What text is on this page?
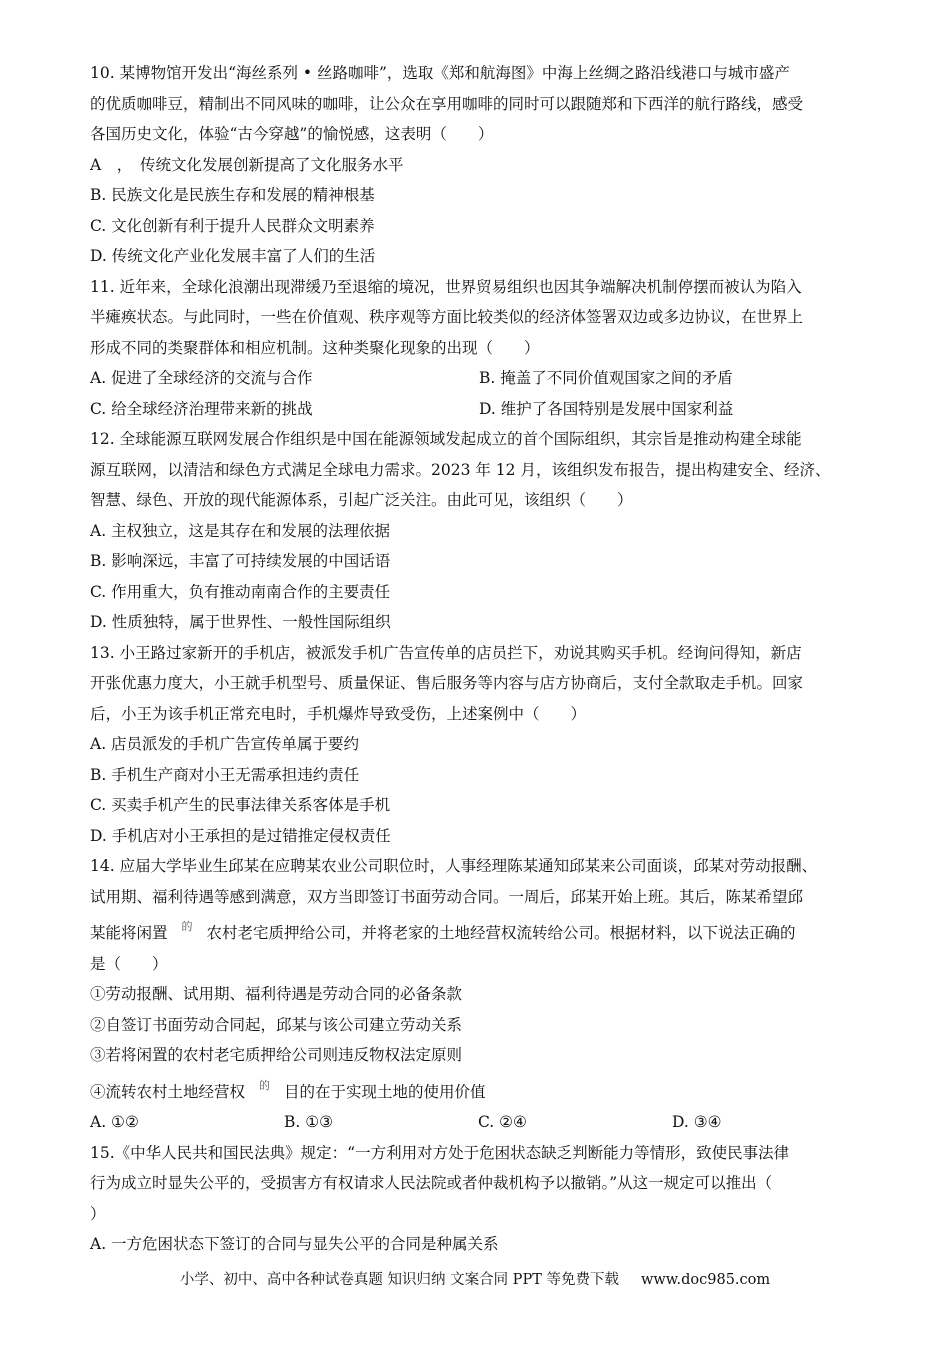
10. 某博物馆开发出“海丝系列 • 丝路咖啡”，选取《郑和航海图》中海上丝绸之路沿线港口与城市盛产
的优质咖啡豆，精制出不同风味的咖啡，让公众在享用咖啡的同时可以跟随郑和下西洋的航行路线，感受
各国历史文化，体验“古今穿越”的愉悦感，这表明（　　）
A　，　传统文化发展创新提高了文化服务水平
B. 民族文化是民族生存和发展的精神根基
C. 文化创新有利于提升人民群众文明素养
D. 传统文化产业化发展丰富了人们的生活
11. 近年来，全球化浪潮出现滞缓乃至退缩的境况，世界贸易组织也因其争端解决机制停摆而被认为陷入
半瘫痪状态。与此同时，一些在价值观、秩序观等方面比较类似的经济体签署双边或多边协议，在世界上
形成不同的类聚群体和相应机制。这种类聚化现象的出现（　　）
A. 促进了全球经济的交流与合作	B. 掩盖了不同价值观国家之间的矛盾
C. 给全球经济治理带来新的挑战	D. 维护了各国特别是发展中国家利益
12. 全球能源互联网发展合作组织是中国在能源领域发起成立的首个国际组织，其宗旨是推动构建全球能
源互联网，以清洁和绿色方式满足全球电力需求。2023 年 12 月，该组织发布报告，提出构建安全、经济、
智慧、绿色、开放的现代能源体系，引起广泛关注。由此可见，该组织（　　）
A. 主权独立，这是其存在和发展的法理依据
B. 影响深远，丰富了可持续发展的中国话语
C. 作用重大，负有推动南南合作的主要责任
D. 性质独特，属于世界性、一般性国际组织
13. 小王路过家新开的手机店，被派发手机广告宣传单的店员拦下，劝说其购买手机。经询问得知，新店
开张优惠力度大，小王就手机型号、质量保证、售后服务等内容与店方协商后，支付全款取走手机。回家
后，小王为该手机正常充电时，手机爆炸导致受伤，上述案例中（　　）
A. 店员派发的手机广告宣传单属于要约
B. 手机生产商对小王无需承担违约责任
C. 买卖手机产生的民事法律关系客体是手机
D. 手机店对小王承担的是过错推定侵权责任
14. 应届大学毕业生邱某在应聘某农业公司职位时，人事经理陈某通知邱某来公司面谈，邱某对劳动报酬、
试用期、福利待遇等感到满意，双方当即签订书面劳动合同。一周后，邱某开始上班。其后，陈某希望邱
某能将闲置 $^的$ 农村老宅质押给公司，并将老家的土地经营权流转给公司。根据材料，以下说法正确的
是（　　）
①劳动报酬、试用期、福利待遇是劳动合同的必备条款
②自签订书面劳动合同起，邱某与该公司建立劳动关系
③若将闲置的农村老宅质押给公司则违反物权法定原则
④流转农村土地经营权 $^的$ 目的在于实现土地的使用价值
A. ①②	B. ①③	C. ②④	D. ③④
15.《中华人民共和国民法典》规定：“一方利用对方处于危困状态缺乏判断能力等情形，致使民事法律
行为成立时显失公平的，受损害方有权请求人民法院或者仲裁机构予以撤销。”从这一规定可以推出（
）
A. 一方危困状态下签订的合同与显失公平的合同是种属关系
小学、初中、高中各种试卷真题 知识归纳 文案合同 PPT 等免费下载 www.doc985.com
